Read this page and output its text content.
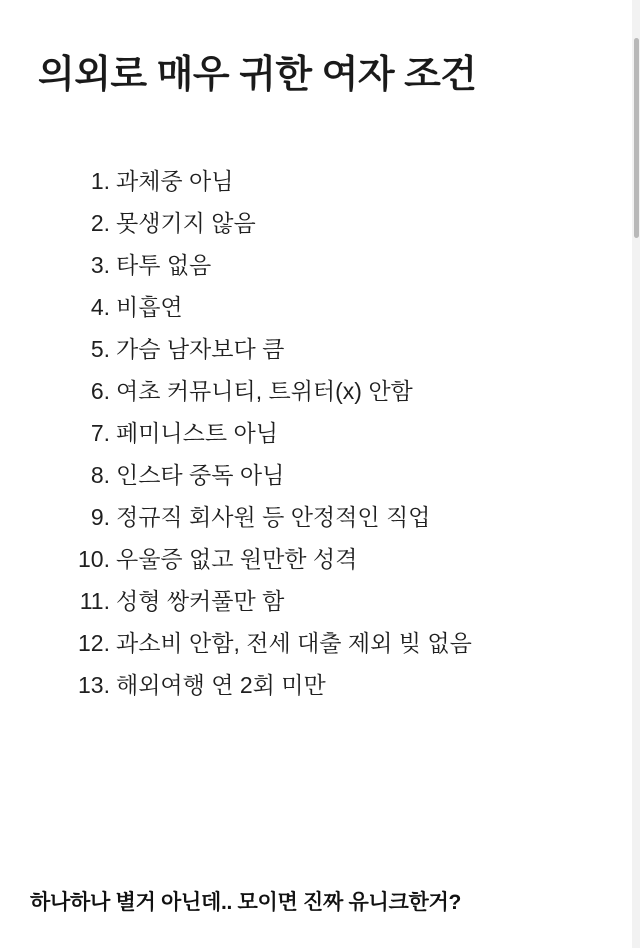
의외로 매우 귀한 여자 조건
1. 과체중 아님
2. 못생기지 않음
3. 타투 없음
4. 비흡연
5. 가슴 남자보다 큼
6. 여초 커뮤니티, 트위터(x) 안함
7. 페미니스트 아님
8. 인스타 중독 아님
9. 정규직 회사원 등 안정적인 직업
10. 우울증 없고 원만한 성격
11. 성형 쌍커풀만 함
12. 과소비 안함, 전세 대출 제외 빚 없음
13. 해외여행 연 2회 미만
하나하나 별거 아닌데.. 모이면 진짜 유니크한거?
